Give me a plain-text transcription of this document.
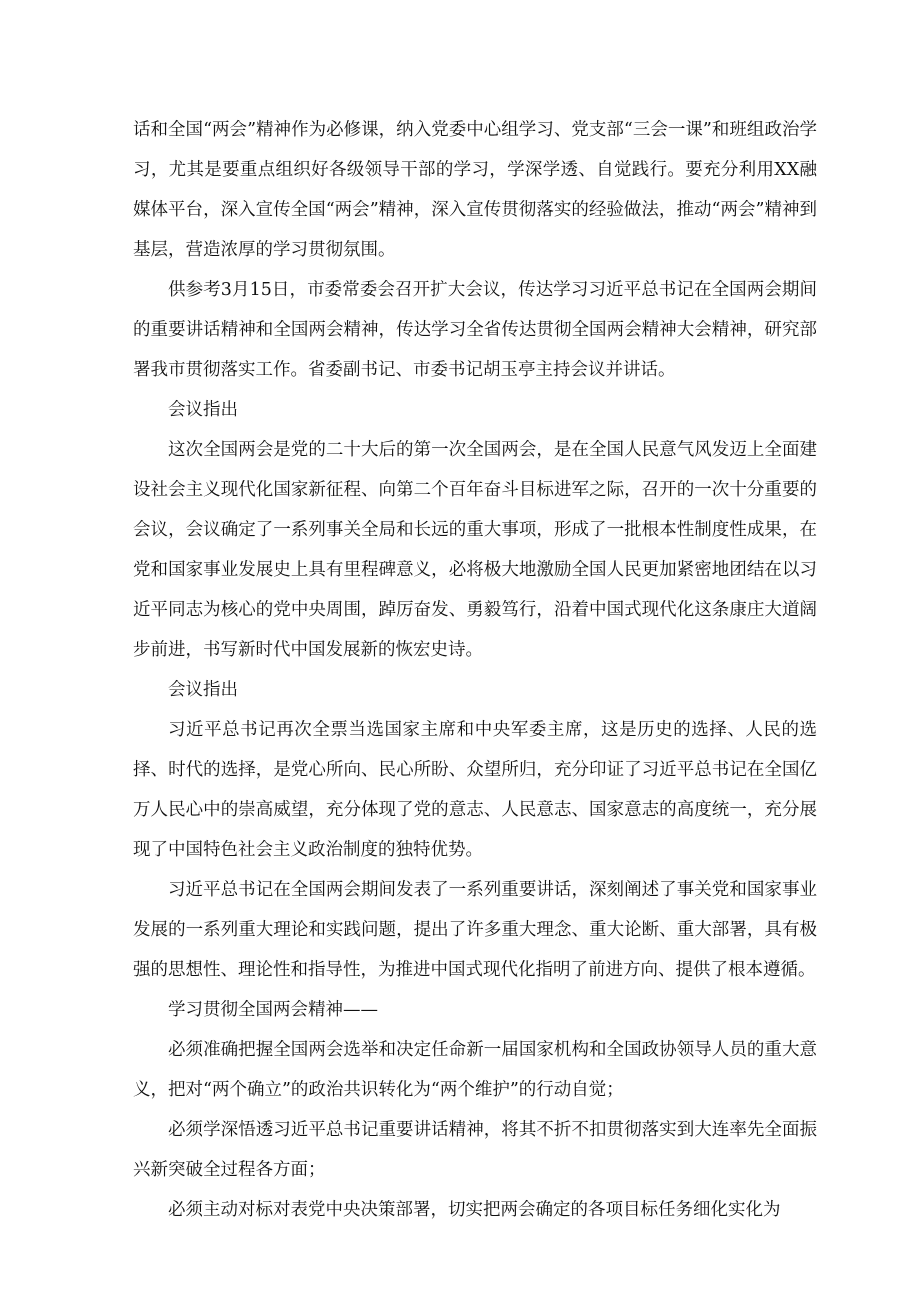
话和全国“两会”精神作为必修课，纳入党委中心组学习、党支部“三会一课”和班组政治学习，尤其是要重点组织好各级领导干部的学习，学深学透、自觉践行。要充分利用XX融媒体平台，深入宣传全国“两会”精神，深入宣传贯彻落实的经验做法，推动“两会”精神到基层，营造浓厚的学习贯彻氛围。

供参考3月15日，市委常委会召开扩大会议，传达学习习近平总书记在全国两会期间的重要讲话精神和全国两会精神，传达学习全省传达贯彻全国两会精神大会精神，研究部署我市贯彻落实工作。省委副书记、市委书记胡玉亭主持会议并讲话。

会议指出

这次全国两会是党的二十大后的第一次全国两会，是在全国人民意气风发迈上全面建设社会主义现代化国家新征程、向第二个百年奋斗目标进军之际，召开的一次十分重要的会议，会议确定了一系列事关全局和长远的重大事项，形成了一批根本性制度性成果，在党和国家事业发展史上具有里程碑意义，必将极大地激励全国人民更加紧密地团结在以习近平同志为核心的党中央周围，踔厉奋发、勇毅笃行，沿着中国式现代化这条康庄大道阔步前进，书写新时代中国发展新的恢宏史诗。

会议指出

习近平总书记再次全票当选国家主席和中央军委主席，这是历史的选择、人民的选择、时代的选择，是党心所向、民心所盼、众望所归，充分印证了习近平总书记在全国亿万人民心中的崇高威望，充分体现了党的意志、人民意志、国家意志的高度统一，充分展现了中国特色社会主义政治制度的独特优势。

习近平总书记在全国两会期间发表了一系列重要讲话，深刻阐述了事关党和国家事业发展的一系列重大理论和实践问题，提出了许多重大理念、重大论断、重大部署，具有极强的思想性、理论性和指导性，为推进中国式现代化指明了前进方向、提供了根本遵循。

学习贯彻全国两会精神——

必须准确把握全国两会选举和决定任命新一届国家机构和全国政协领导人员的重大意义，把对“两个确立”的政治共识转化为“两个维护”的行动自觉；

必须学深悟透习近平总书记重要讲话精神，将其不折不扣贯彻落实到大连率先全面振兴新突破全过程各方面；

必须主动对标对表党中央决策部署，切实把两会确定的各项目标任务细化实化为
